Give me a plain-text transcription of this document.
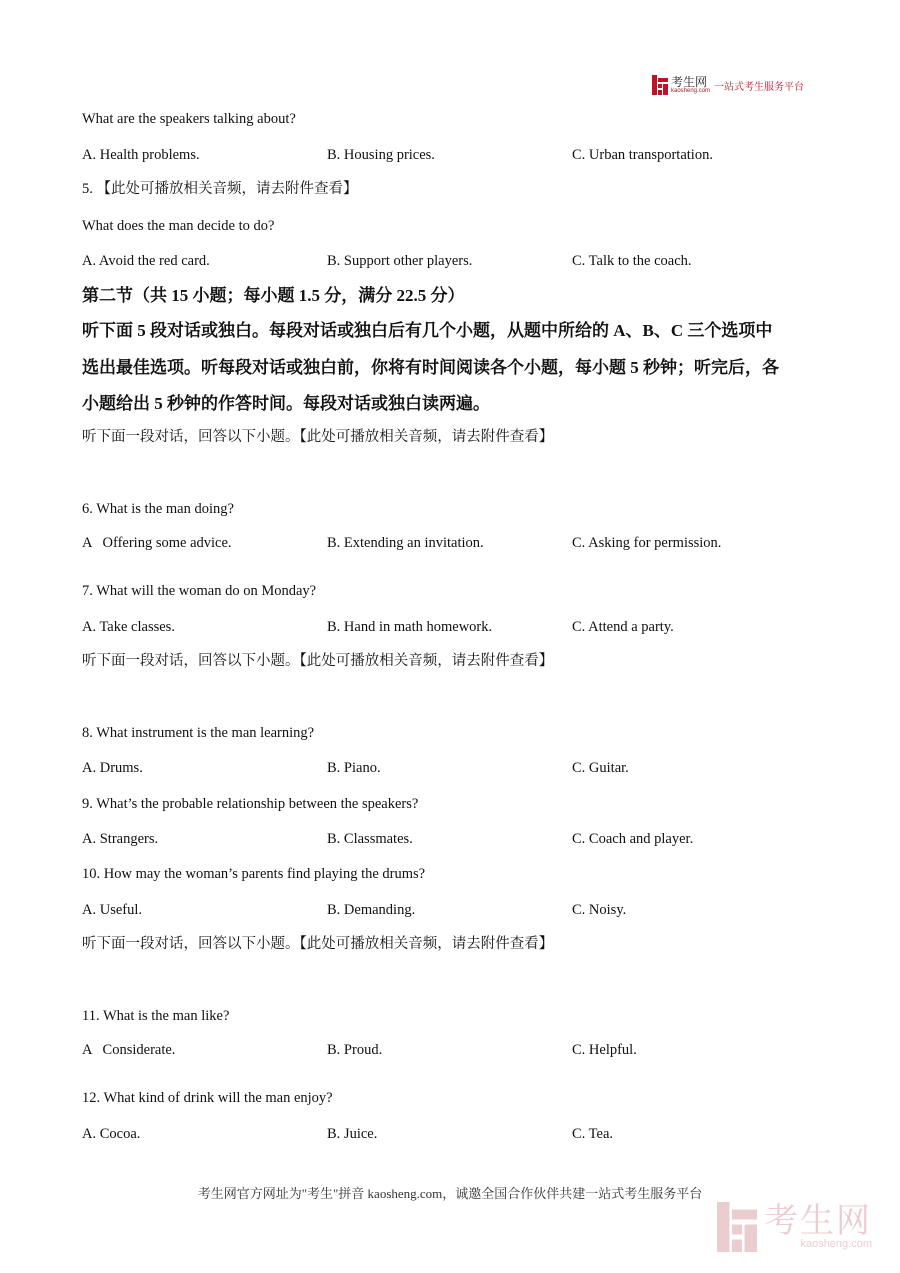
考生网
kaosheng.com 一站式考生服务平台
What are the speakers talking about?
A. Health problems.	B. Housing prices.	C. Urban transportation.
5. 【此处可播放相关音频，请去附件查看】
What does the man decide to do?
A. Avoid the red card.	B. Support other players.	C. Talk to the coach.
第二节（共 15 小题；每小题 1.5 分，满分 22.5 分）
听下面 5 段对话或独白。每段对话或独白后有几个小题，从题中所给的 A、B、C 三个选项中
选出最佳选项。听每段对话或独白前，你将有时间阅读各个小题，每小题 5 秒钟；听完后，各
小题给出 5 秒钟的作答时间。每段对话或独白读两遍。
听下面一段对话，回答以下小题。【此处可播放相关音频，请去附件查看】
6. What is the man doing?
A   Offering some advice.	B. Extending an invitation.	C. Asking for permission.
7. What will the woman do on Monday?
A. Take classes.	B. Hand in math homework.	C. Attend a party.
听下面一段对话，回答以下小题。【此处可播放相关音频，请去附件查看】
8. What instrument is the man learning?
A. Drums.	B. Piano.	C. Guitar.
9. What’s the probable relationship between the speakers?
A. Strangers.	B. Classmates.	C. Coach and player.
10. How may the woman’s parents find playing the drums?
A. Useful.	B. Demanding.	C. Noisy.
听下面一段对话，回答以下小题。【此处可播放相关音频，请去附件查看】
11. What is the man like?
A   Considerate.	B. Proud.	C. Helpful.
12. What kind of drink will the man enjoy?
A. Cocoa.	B. Juice.	C. Tea.
考生网官方网址为"考生"拼音 kaosheng.com，诚邀全国合作伙伴共建一站式考生服务平台
考生网
kaosheng.com
